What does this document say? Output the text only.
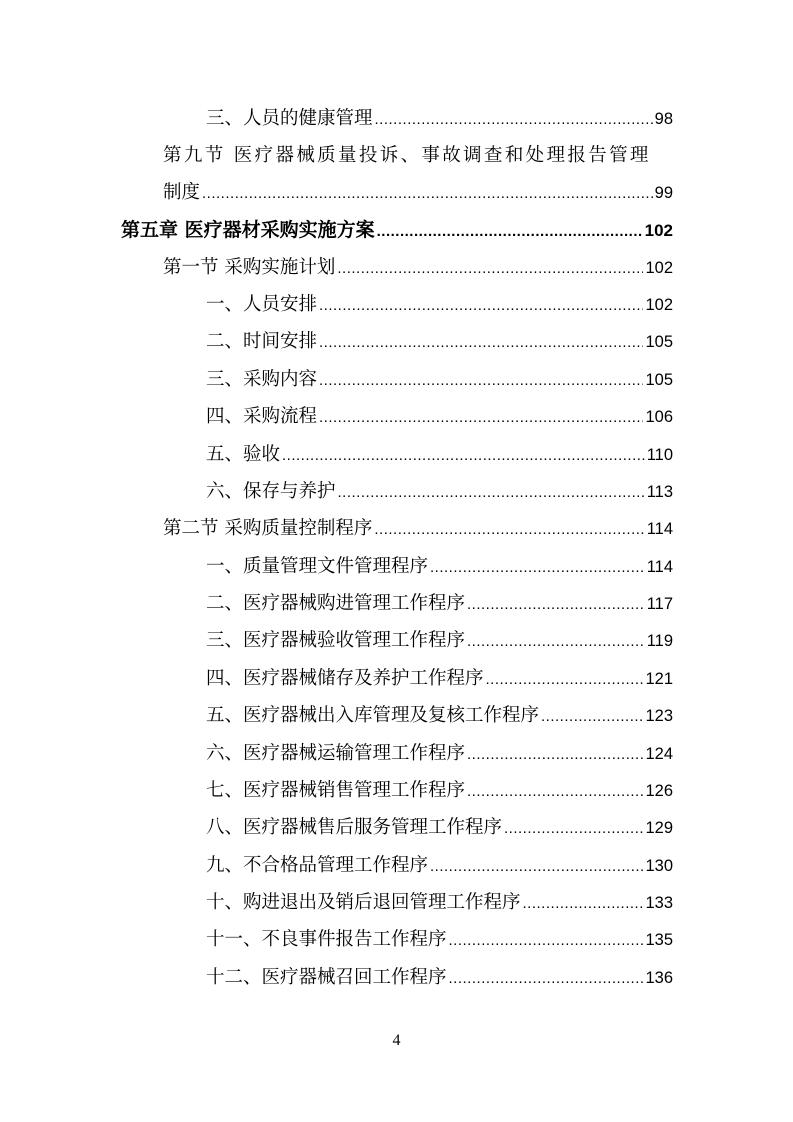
三、人员的健康管理 .....	98
第九节 医疗器械质量投诉、事故调查和处理报告管理
制度 .....	99
第五章 医疗器材采购实施方案 .....	102
第一节 采购实施计划 .....	102
一、人员安排 .....	102
二、时间安排 .....	105
三、采购内容 .....	105
四、采购流程 .....	106
五、验收 .....	110
六、保存与养护 .....	113
第二节 采购质量控制程序 .....	114
一、质量管理文件管理程序 .....	114
二、医疗器械购进管理工作程序 .....	117
三、医疗器械验收管理工作程序 .....	119
四、医疗器械储存及养护工作程序 .....	121
五、医疗器械出入库管理及复核工作程序 .....	123
六、医疗器械运输管理工作程序 .....	124
七、医疗器械销售管理工作程序 .....	126
八、医疗器械售后服务管理工作程序 .....	129
九、不合格品管理工作程序 .....	130
十、购进退出及销后退回管理工作程序 .....	133
十一、不良事件报告工作程序 .....	135
十二、医疗器械召回工作程序 .....	136
4
